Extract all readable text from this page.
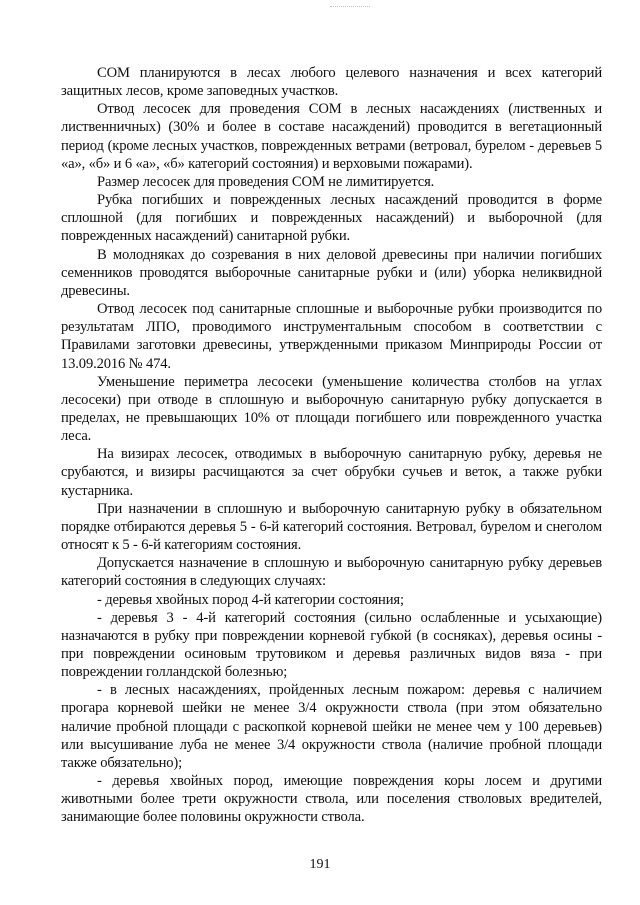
СОМ планируются в лесах любого целевого назначения и всех категорий защитных лесов, кроме заповедных участков.

Отвод лесосек для проведения СОМ в лесных насаждениях (лиственных и лиственничных) (30% и более в составе насаждений) проводится в вегетационный период (кроме лесных участков, поврежденных ветрами (ветровал, бурелом - деревьев 5 «а», «б» и 6 «а», «б» категорий состояния) и верховыми пожарами).

Размер лесосек для проведения СОМ не лимитируется.

Рубка погибших и поврежденных лесных насаждений проводится в форме сплошной (для погибших и поврежденных насаждений) и выборочной (для поврежденных насаждений) санитарной рубки.

В молодняках до созревания в них деловой древесины при наличии погибших семенников проводятся выборочные санитарные рубки и (или) уборка неликвидной древесины.

Отвод лесосек под санитарные сплошные и выборочные рубки производится по результатам ЛПО, проводимого инструментальным способом в соответствии с Правилами заготовки древесины, утвержденными приказом Минприроды России от 13.09.2016 № 474.

Уменьшение периметра лесосеки (уменьшение количества столбов на углах лесосеки) при отводе в сплошную и выборочную санитарную рубку допускается в пределах, не превышающих 10% от площади погибшего или поврежденного участка леса.

На визирах лесосек, отводимых в выборочную санитарную рубку, деревья не срубаются, и визиры расчищаются за счет обрубки сучьев и веток, а также рубки кустарника.

При назначении в сплошную и выборочную санитарную рубку в обязательном порядке отбираются деревья 5 - 6-й категорий состояния. Ветровал, бурелом и снеголом относят к 5 - 6-й категориям состояния.

Допускается назначение в сплошную и выборочную санитарную рубку деревьев категорий состояния в следующих случаях:

- деревья хвойных пород 4-й категории состояния;

- деревья 3 - 4-й категорий состояния (сильно ослабленные и усыхающие) назначаются в рубку при повреждении корневой губкой (в сосняках), деревья осины - при повреждении осиновым трутовиком и деревья различных видов вяза - при повреждении голландской болезнью;

- в лесных насаждениях, пройденных лесным пожаром: деревья с наличием прогара корневой шейки не менее 3/4 окружности ствола (при этом обязательно наличие пробной площади с раскопкой корневой шейки не менее чем у 100 деревьев) или высушивание луба не менее 3/4 окружности ствола (наличие пробной площади также обязательно);

- деревья хвойных пород, имеющие повреждения коры лосем и другими животными более трети окружности ствола, или поселения стволовых вредителей, занимающие более половины окружности ствола.

191
